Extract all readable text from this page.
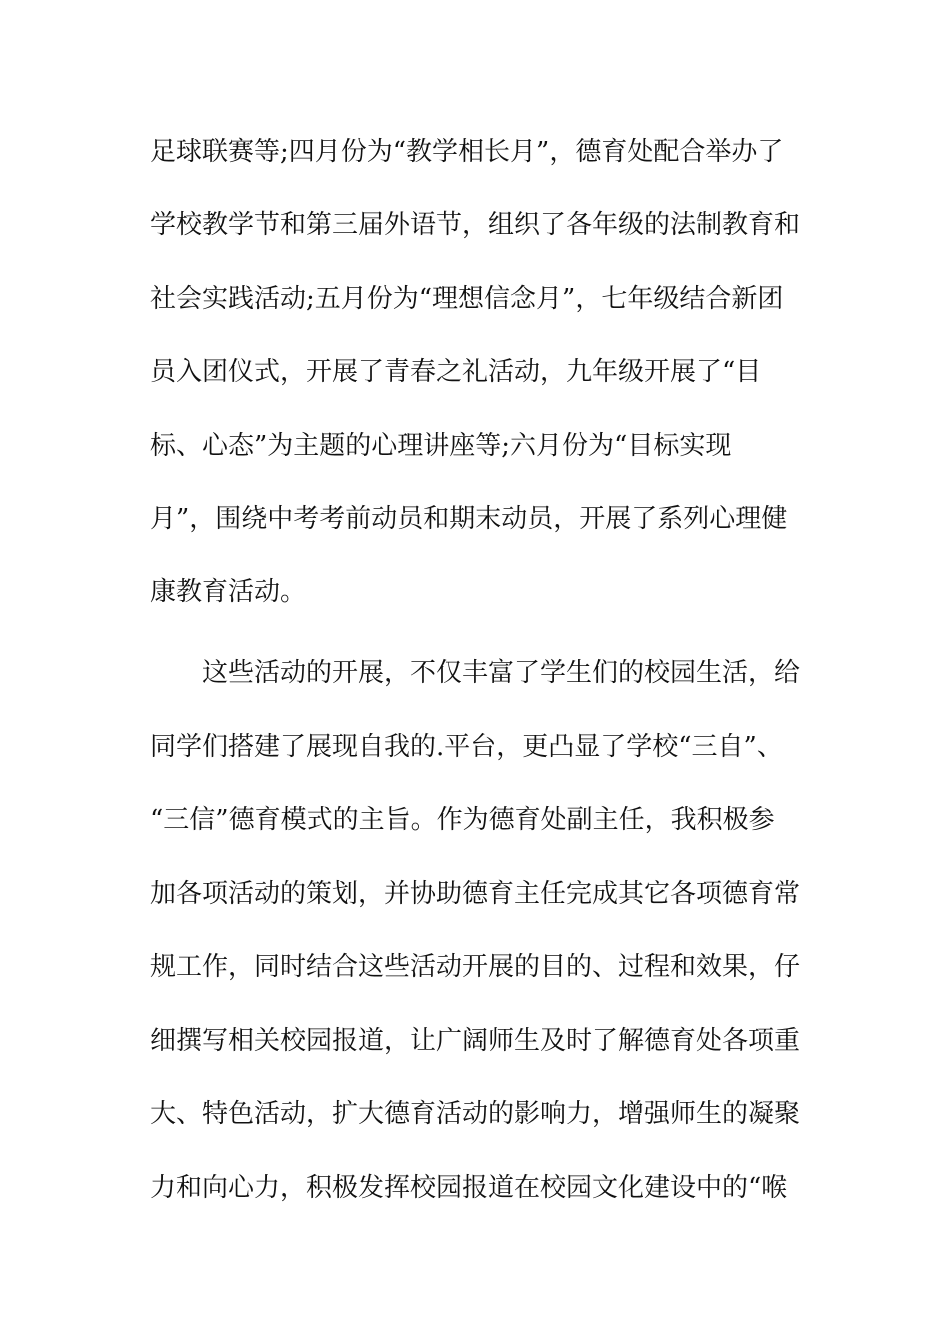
足球联赛等;四月份为“教学相长月”，德育处配合举办了
学校教学节和第三届外语节，组织了各年级的法制教育和
社会实践活动;五月份为“理想信念月”，七年级结合新团
员入团仪式，开展了青春之礼活动，九年级开展了“目
标、心态”为主题的心理讲座等;六月份为“目标实现
月”，围绕中考考前动员和期末动员，开展了系列心理健
康教育活动。
这些活动的开展，不仅丰富了学生们的校园生活，给
同学们搭建了展现自我的.平台，更凸显了学校“三自”、
“三信”德育模式的主旨。作为德育处副主任，我积极参
加各项活动的策划，并协助德育主任完成其它各项德育常
规工作，同时结合这些活动开展的目的、过程和效果，仔
细撰写相关校园报道，让广阔师生及时了解德育处各项重
大、特色活动，扩大德育活动的影响力，增强师生的凝聚
力和向心力，积极发挥校园报道在校园文化建设中的“喉
